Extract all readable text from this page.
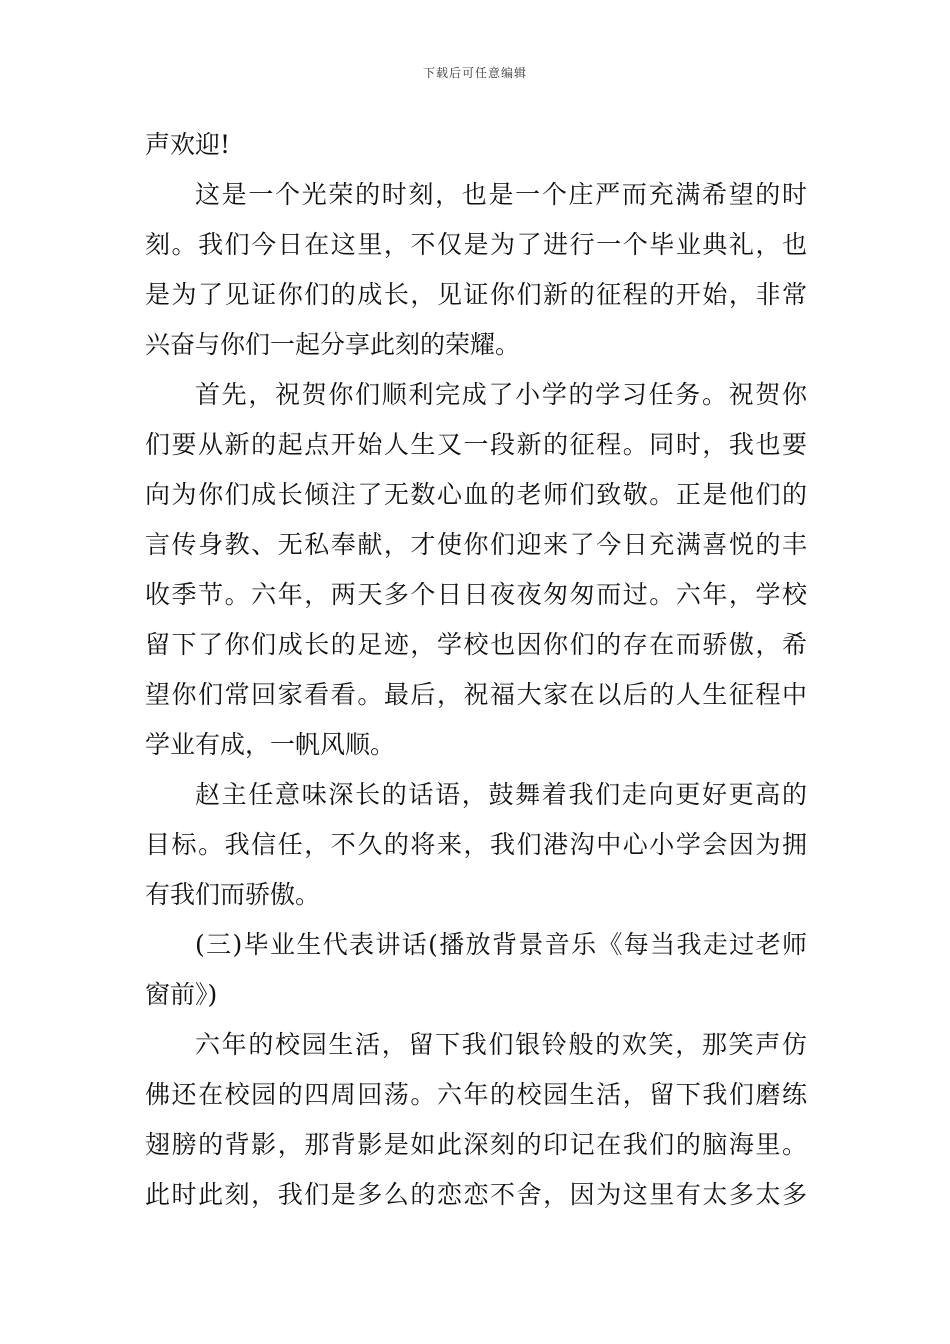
下载后可任意编辑
声欢迎!
这是一个光荣的时刻，也是一个庄严而充满希望的时
刻。我们今日在这里，不仅是为了进行一个毕业典礼，也
是为了见证你们的成长，见证你们新的征程的开始，非常
兴奋与你们一起分享此刻的荣耀。
首先，祝贺你们顺利完成了小学的学习任务。祝贺你
们要从新的起点开始人生又一段新的征程。同时，我也要
向为你们成长倾注了无数心血的老师们致敬。正是他们的
言传身教、无私奉献，才使你们迎来了今日充满喜悦的丰
收季节。六年，两天多个日日夜夜匆匆而过。六年，学校
留下了你们成长的足迹，学校也因你们的存在而骄傲，希
望你们常回家看看。最后，祝福大家在以后的人生征程中
学业有成，一帆风顺。
赵主任意味深长的话语，鼓舞着我们走向更好更高的
目标。我信任，不久的将来，我们港沟中心小学会因为拥
有我们而骄傲。
(三)毕业生代表讲话(播放背景音乐《每当我走过老师
窗前》)
六年的校园生活，留下我们银铃般的欢笑，那笑声仿
佛还在校园的四周回荡。六年的校园生活，留下我们磨练
翅膀的背影，那背影是如此深刻的印记在我们的脑海里。
此时此刻，我们是多么的恋恋不舍，因为这里有太多太多
